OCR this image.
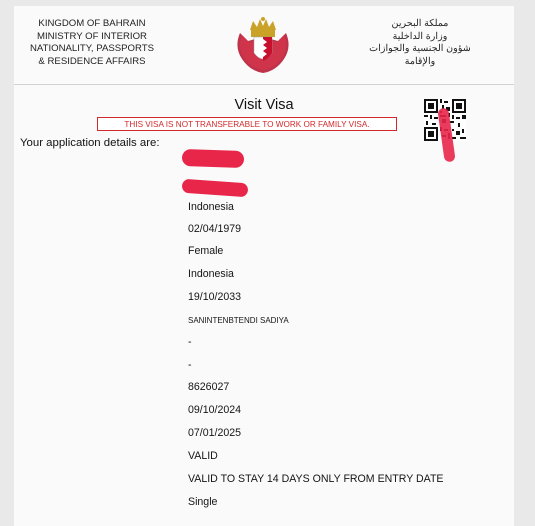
KINGDOM OF BAHRAIN
MINISTRY OF INTERIOR
NATIONALITY, PASSPORTS
& RESIDENCE AFFAIRS
مملكة البحرين
وزارة الداخلية
شؤون الجنسية والجوازات والإقامة
Visit Visa
THIS VISA IS NOT TRANSFERABLE TO WORK OR FAMILY VISA.
Your application details are:
Indonesia
02/04/1979
Female
Indonesia
19/10/2033
SANINTENBTENDI SADIYA
-
-
8626027
09/10/2024
07/01/2025
VALID
VALID TO STAY 14 DAYS ONLY FROM ENTRY DATE
Single
